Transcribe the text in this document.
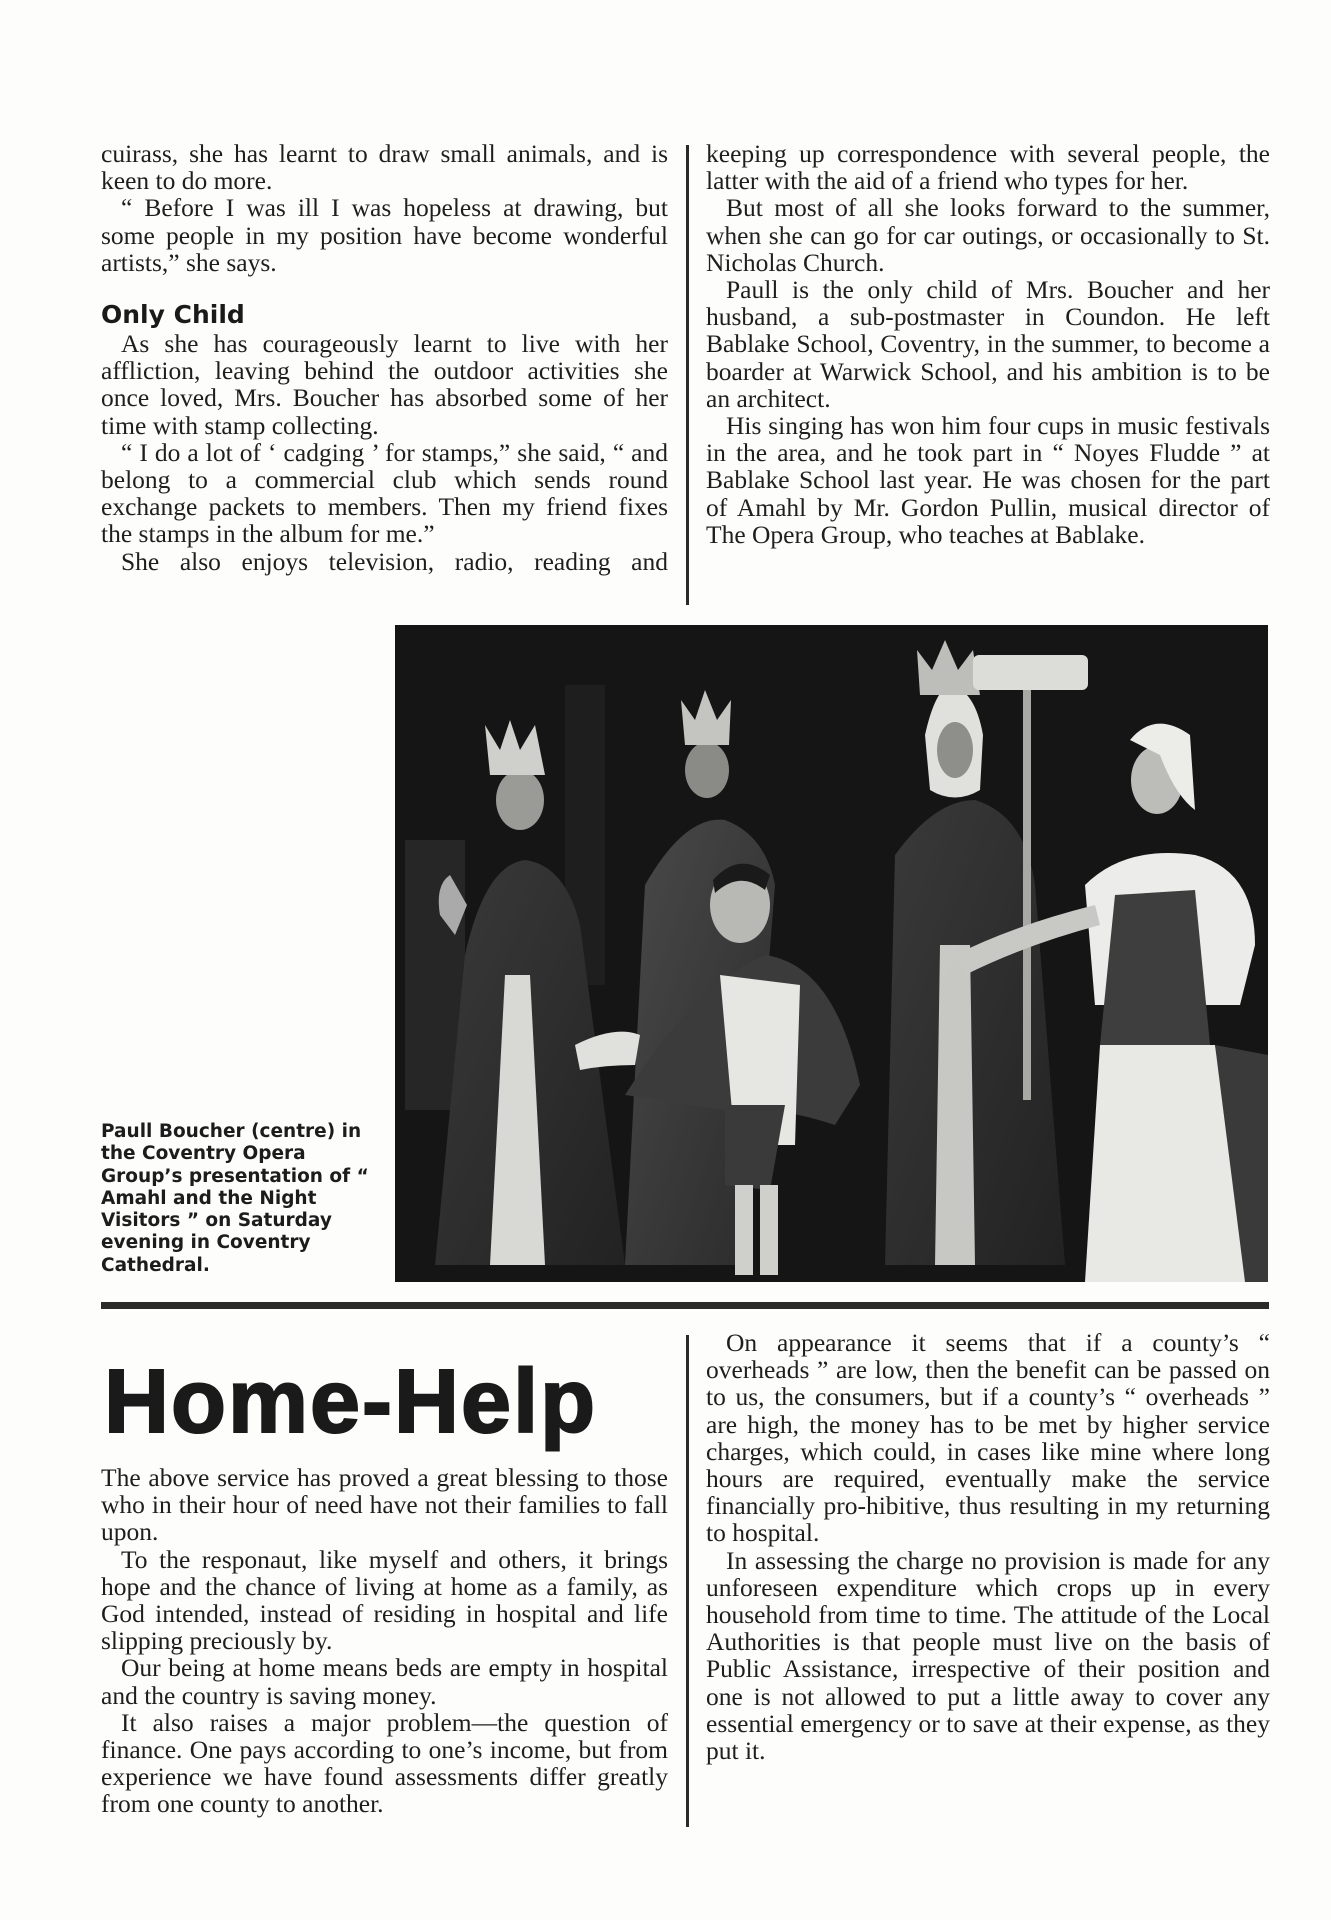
cuirass, she has learnt to draw small animals, and is keen to do more.

“ Before I was ill I was hopeless at drawing, but some people in my position have become wonderful artists,” she says.

Only Child

As she has courageously learnt to live with her affliction, leaving behind the outdoor activities she once loved, Mrs. Boucher has absorbed some of her time with stamp collecting.

“ I do a lot of ‘ cadging ’ for stamps,” she said, “ and belong to a commercial club which sends round exchange packets to members. Then my friend fixes the stamps in the album for me.”

She also enjoys television, radio, reading and

keeping up correspondence with several people, the latter with the aid of a friend who types for her.

But most of all she looks forward to the summer, when she can go for car outings, or occasionally to St. Nicholas Church.

Paull is the only child of Mrs. Boucher and her husband, a sub-postmaster in Coundon. He left Bablake School, Coventry, in the summer, to become a boarder at Warwick School, and his ambition is to be an architect.

His singing has won him four cups in music festivals in the area, and he took part in “ Noyes Fludde ” at Bablake School last year. He was chosen for the part of Amahl by Mr. Gordon Pullin, musical director of The Opera Group, who teaches at Bablake.

Paull Boucher (centre) in the Coventry Opera Group’s presentation of “ Amahl and the Night Visitors ” on Saturday evening in Coventry Cathedral.
Home-Help

The above service has proved a great blessing to those who in their hour of need have not their families to fall upon.

To the responaut, like myself and others, it brings hope and the chance of living at home as a family, as God intended, instead of residing in hospital and life slipping preciously by.

Our being at home means beds are empty in hospital and the country is saving money.

It also raises a major problem—the question of finance. One pays according to one’s income, but from experience we have found assessments differ greatly from one county to another.

On appearance it seems that if a county’s “ overheads ” are low, then the benefit can be passed on to us, the consumers, but if a county’s “ overheads ” are high, the money has to be met by higher service charges, which could, in cases like mine where long hours are required, eventually make the service financially pro-hibitive, thus resulting in my returning to hospital.

In assessing the charge no provision is made for any unforeseen expenditure which crops up in every household from time to time. The attitude of the Local Authorities is that people must live on the basis of Public Assistance, irrespective of their position and one is not allowed to put a little away to cover any essential emergency or to save at their expense, as they put it.
